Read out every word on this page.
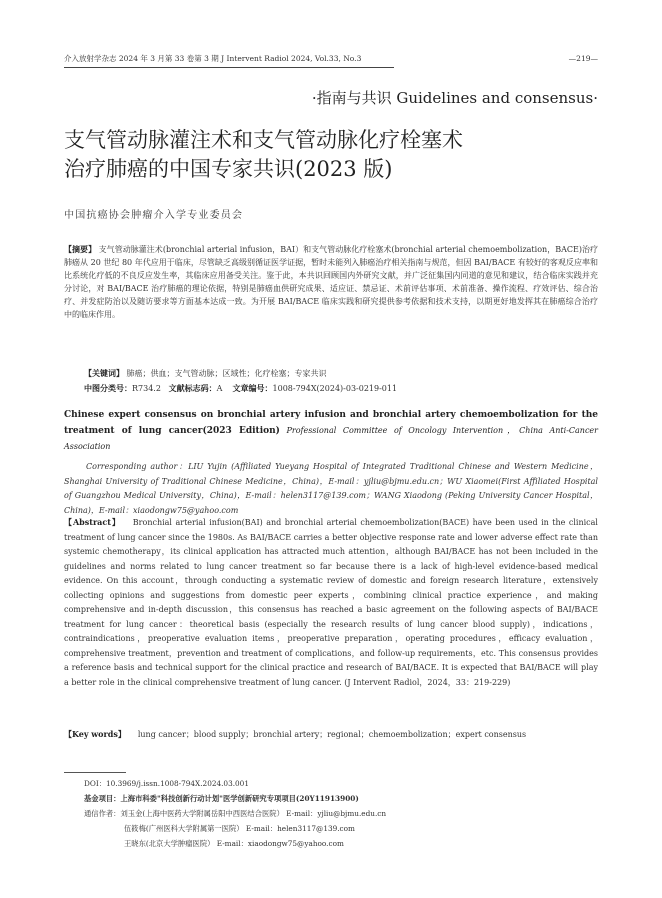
介入放射学杂志 2024 年 3 月第 33 卷第 3 期 J Intervent Radiol 2024, Vol.33, No.3	—219—
·指南与共识 Guidelines and consensus·
支气管动脉灌注术和支气管动脉化疗栓塞术
治疗肺癌的中国专家共识(2023 版)
中国抗癌协会肿瘤介入学专业委员会

【摘要】 支气管动脉灌注术(bronchial arterial infusion，BAI）和支气管动脉化疗栓塞术(bronchial arterial chemoembolization，BACE)治疗肺癌从 20 世纪 80 年代应用于临床，尽管缺乏高级别循证医学证据，暂时未能列入肺癌治疗相关指南与规范，但因 BAI/BACE 有较好的客观反应率和比系统化疗低的不良反应发生率，其临床应用备受关注。鉴于此，本共识回顾国内外研究文献，并广泛征集国内同道的意见和建议，结合临床实践并充分讨论，对 BAI/BACE 治疗肺癌的理论依据，特别是肺癌血供研究成果、适应证、禁忌证、术前评估事项、术前准备、操作流程、疗效评估、综合治疗、并发症防治以及随访要求等方面基本达成一致。为开展 BAI/BACE 临床实践和研究提供参考依据和技术支持，以期更好地发挥其在肺癌综合治疗中的临床作用。

【关键词】 肺癌；供血；支气管动脉；区域性；化疗栓塞；专家共识
中图分类号：R734.2 文献标志码：A 文章编号：1008-794X(2024)-03-0219-011

Chinese expert consensus on bronchial artery infusion and bronchial artery chemoembolization for the treatment of lung cancer(2023 Edition) Professional Committee of Oncology Intervention，China Anti-Cancer Association

Corresponding author：LIU Yujin (Affiliated Yueyang Hospital of Integrated Traditional Chinese and Western Medicine，Shanghai University of Traditional Chinese Medicine，China)，E-mail：yjliu@bjmu.edu.cn；WU Xiaomei(First Affiliated Hospital of Guangzhou Medical University，China)，E-mail：helen3117@139.com；WANG Xiaodong (Peking University Cancer Hospital，China)，E-mail：xiaodongw75@yahoo.com

【Abstract】 Bronchial arterial infusion(BAI) and bronchial arterial chemoembolization(BACE) have been used in the clinical treatment of lung cancer since the 1980s. As BAI/BACE carries a better objective response rate and lower adverse effect rate than systemic chemotherapy，its clinical application has attracted much attention，although BAI/BACE has not been included in the guidelines and norms related to lung cancer treatment so far because there is a lack of high-level evidence-based medical evidence. On this account，through conducting a systematic review of domestic and foreign research literature，extensively collecting opinions and suggestions from domestic peer experts，combining clinical practice experience，and making comprehensive and in-depth discussion，this consensus has reached a basic agreement on the following aspects of BAI/BACE treatment for lung cancer：theoretical basis (especially the research results of lung cancer blood supply)，indications，contraindications，preoperative evaluation items，preoperative preparation，operating procedures，efficacy evaluation，comprehensive treatment，prevention and treatment of complications，and follow-up requirements，etc. This consensus provides a reference basis and technical support for the clinical practice and research of BAI/BACE. It is expected that BAI/BACE will play a better role in the clinical comprehensive treatment of lung cancer. (J Intervent Radiol，2024，33：219-229)

【Key words】 lung cancer；blood supply；bronchial artery；regional；chemoembolization；expert consensus

DOI：10.3969/j.issn.1008-794X.2024.03.001
基金项目：上海市科委"科技创新行动计划"医学创新研究专项项目(20Y11913900)
通信作者：刘玉金(上海中医药大学附属岳阳中西医结合医院） E-mail：yjliu@bjmu.edu.cn
伍筱梅(广州医科大学附属第一医院） E-mail：helen3117@139.com
王晓东(北京大学肿瘤医院） E-mail：xiaodongw75@yahoo.com
